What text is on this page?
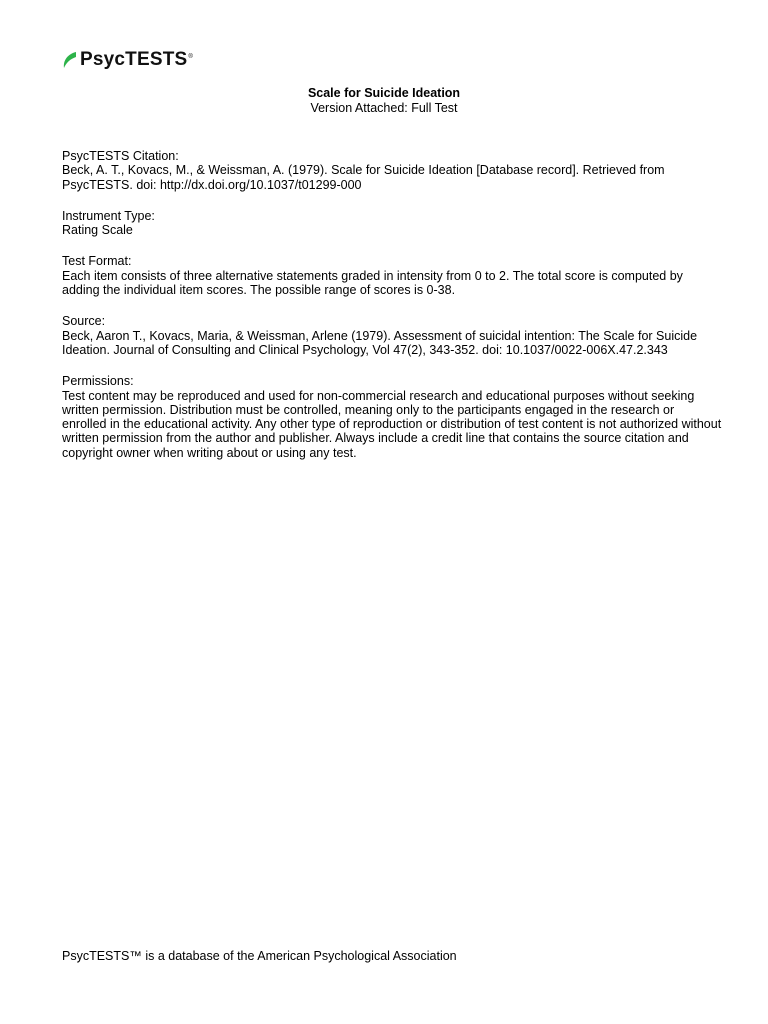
PsycTESTS ®
Scale for Suicide Ideation
Version Attached: Full Test
PsycTESTS Citation:
Beck, A. T., Kovacs, M., & Weissman, A. (1979). Scale for Suicide Ideation [Database record]. Retrieved from PsycTESTS. doi: http://dx.doi.org/10.1037/t01299-000
Instrument Type:
Rating Scale
Test Format:
Each item consists of three alternative statements graded in intensity from 0 to 2. The total score is computed by adding the individual item scores. The possible range of scores is 0-38.
Source:
Beck, Aaron T., Kovacs, Maria, & Weissman, Arlene (1979). Assessment of suicidal intention: The Scale for Suicide Ideation. Journal of Consulting and Clinical Psychology, Vol 47(2), 343-352. doi: 10.1037/0022-006X.47.2.343
Permissions:
Test content may be reproduced and used for non-commercial research and educational purposes without seeking written permission. Distribution must be controlled, meaning only to the participants engaged in the research or enrolled in the educational activity. Any other type of reproduction or distribution of test content is not authorized without written permission from the author and publisher. Always include a credit line that contains the source citation and copyright owner when writing about or using any test.
PsycTESTS™ is a database of the American Psychological Association
